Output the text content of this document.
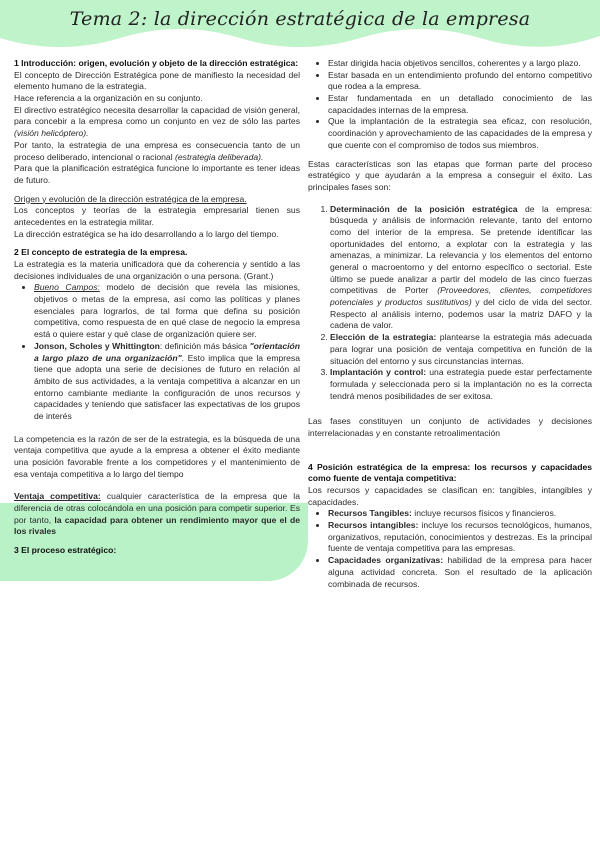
Tema 2: la dirección estratégica de la empresa

1 Introducción: origen, evolución y objeto de la dirección estratégica:

El concepto de Dirección Estratégica pone de manifiesto la necesidad del elemento humano de la estrategia.

Hace referencia a la organización en su conjunto.

El directivo estratégico necesita desarrollar la capacidad de visión general, para concebir a la empresa como un conjunto en vez de sólo las partes (visión helicóptero).

Por tanto, la estrategia de una empresa es consecuencia tanto de un proceso deliberado, intencional o racional (estrategia deliberada).

Para que la planificación estratégica funcione lo importante es tener ideas de futuro.

Origen y evolución de la dirección estratégica de la empresa.

Los conceptos y teorías de la estrategia empresarial tienen sus antecedentes en la estrategia militar.

La dirección estratégica se ha ido desarrollando a lo largo del tiempo.

2 El concepto de estrategia de la empresa.

La estrategia es la materia unificadora que da coherencia y sentido a las decisiones individuales de una organización o una persona. (Grant.)

• Bueno Campos: modelo de decisión que revela las misiones, objetivos o metas de la empresa, así como las políticas y planes esenciales para lograrlos, de tal forma que defina su posición competitiva, como respuesta de en qué clase de negocio la empresa está o quiere estar y qué clase de organización quiere ser.
• Jonson, Scholes y Whittington: definición más básica "orientación a largo plazo de una organización". Esto implica que la empresa tiene que adopta una serie de decisiones de futuro en relación al ámbito de sus actividades, a la ventaja competitiva a alcanzar en un entorno cambiante mediante la configuración de unos recursos y capacidades y teniendo que satisfacer las expectativas de los grupos de interés

La competencia es la razón de ser de la estrategia, es la búsqueda de una ventaja competitiva que ayude a la empresa a obtener el éxito mediante una posición favorable frente a los competidores y el mantenimiento de esa ventaja competitiva a lo largo del tiempo

Ventaja competitiva: cualquier característica de la empresa que la diferencia de otras colocándola en una posición para competir superior. Es por tanto, la capacidad para obtener un rendimiento mayor que el de los rivales

3 El proceso estratégico:

• Estar dirigida hacia objetivos sencillos, coherentes y a largo plazo.
• Estar basada en un entendimiento profundo del entorno competitivo que rodea a la empresa.
• Estar fundamentada en un detallado conocimiento de las capacidades internas de la empresa.
• Que la implantación de la estrategia sea eficaz, con resolución, coordinación y aprovechamiento de las capacidades de la empresa y que cuente con el compromiso de todos sus miembros.

Estas características son las etapas que forman parte del proceso estratégico y que ayudarán a la empresa a conseguir el éxito. Las principales fases son:

1. Determinación de la posición estratégica de la empresa: búsqueda y análisis de información relevante, tanto del entorno como del interior de la empresa. Se pretende identificar las oportunidades del entorno, a explotar con la estrategia y las amenazas, a minimizar. La relevancia y los elementos del entorno general o macroentorno y del entorno específico o sectorial. Este último se puede analizar a partir del modelo de las cinco fuerzas competitivas de Porter (Proveedores, clientes, competidores potenciales y productos sustitutivos) y del ciclo de vida del sector. Respecto al análisis interno, podemos usar la matriz DAFO y la cadena de valor.
2. Elección de la estrategia: plantearse la estrategia más adecuada para lograr una posición de ventaja competitiva en función de la situación del entorno y sus circunstancias internas.
3. Implantación y control: una estrategia puede estar perfectamente formulada y seleccionada pero si la implantación no es la correcta tendrá menos posibilidades de ser exitosa.

Las fases constituyen un conjunto de actividades y decisiones interrelacionadas y en constante retroalimentación

4 Posición estratégica de la empresa: los recursos y capacidades como fuente de ventaja competitiva:

Los recursos y capacidades se clasifican en: tangibles, intangibles y capacidades.

• Recursos Tangibles: incluye recursos físicos y financieros.
• Recursos intangibles: incluye los recursos tecnológicos, humanos, organizativos, reputación, conocimientos y destrezas. Es la principal fuente de ventaja competitiva para las empresas.
• Capacidades organizativas: habilidad de la empresa para hacer alguna actividad concreta. Son el resultado de la aplicación combinada de recursos.
